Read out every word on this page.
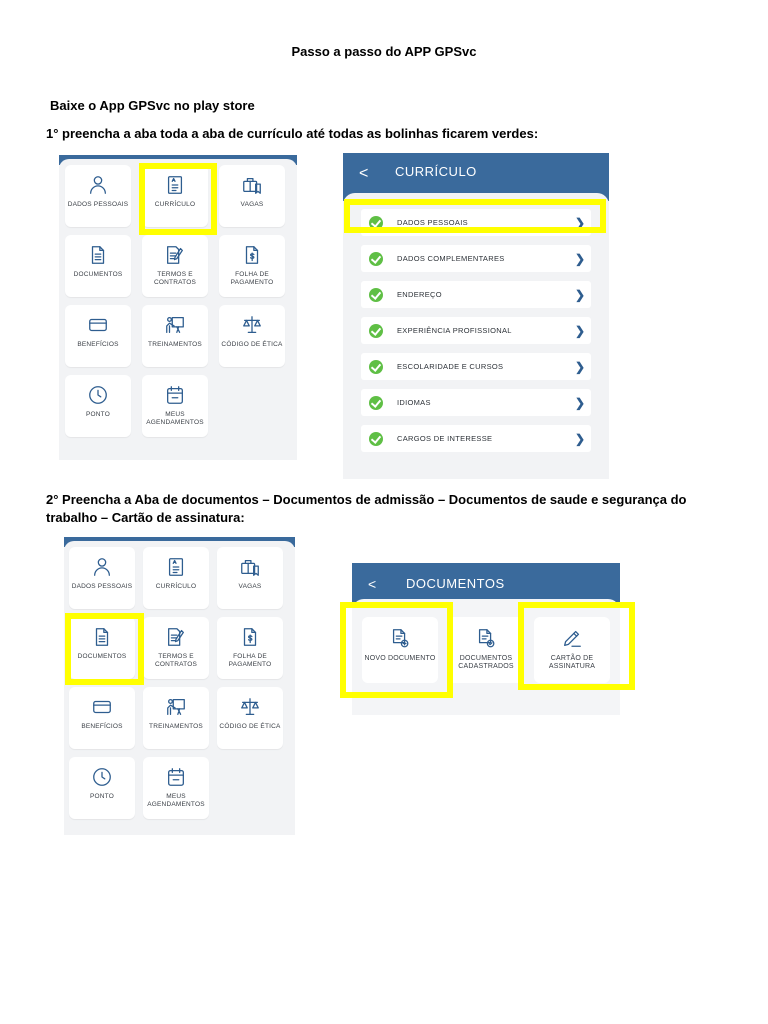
Passo a passo do APP GPSvc
Baixe o App GPSvc no play store
1° preencha a aba toda a aba de currículo até todas as bolinhas ficarem verdes:
2° Preencha a Aba de documentos – Documentos de admissão – Documentos de saude e segurança do trabalho – Cartão de assinatura:
DADOS PESSOAIS	CURRÍCULO	VAGAS
DOCUMENTOS	TERMOS E CONTRATOS
FOLHA DE PAGAMENTO
BENEFÍCIOS	TREINAMENTOS	CÓDIGO DE ÉTICA
PONTO	MEUS AGENDAMENTOS
DADOS PESSOAIS	CURRÍCULO	VAGAS
DOCUMENTOS	TERMOS E CONTRATOS
FOLHA DE PAGAMENTO
BENEFÍCIOS	TREINAMENTOS	CÓDIGO DE ÉTICA
PONTO	MEUS AGENDAMENTOS
< CURRÍCULO
DADOS PESSOAIS	❯
DADOS COMPLEMENTARES	❯
ENDEREÇO	❯
EXPERIÊNCIA PROFISSIONAL	❯
ESCOLARIDADE E CURSOS	❯
IDIOMAS	❯
CARGOS DE INTERESSE	❯
< DOCUMENTOS
NOVO DOCUMENTO	DOCUMENTOS CADASTRADOS
CARTÃO DE ASSINATURA
